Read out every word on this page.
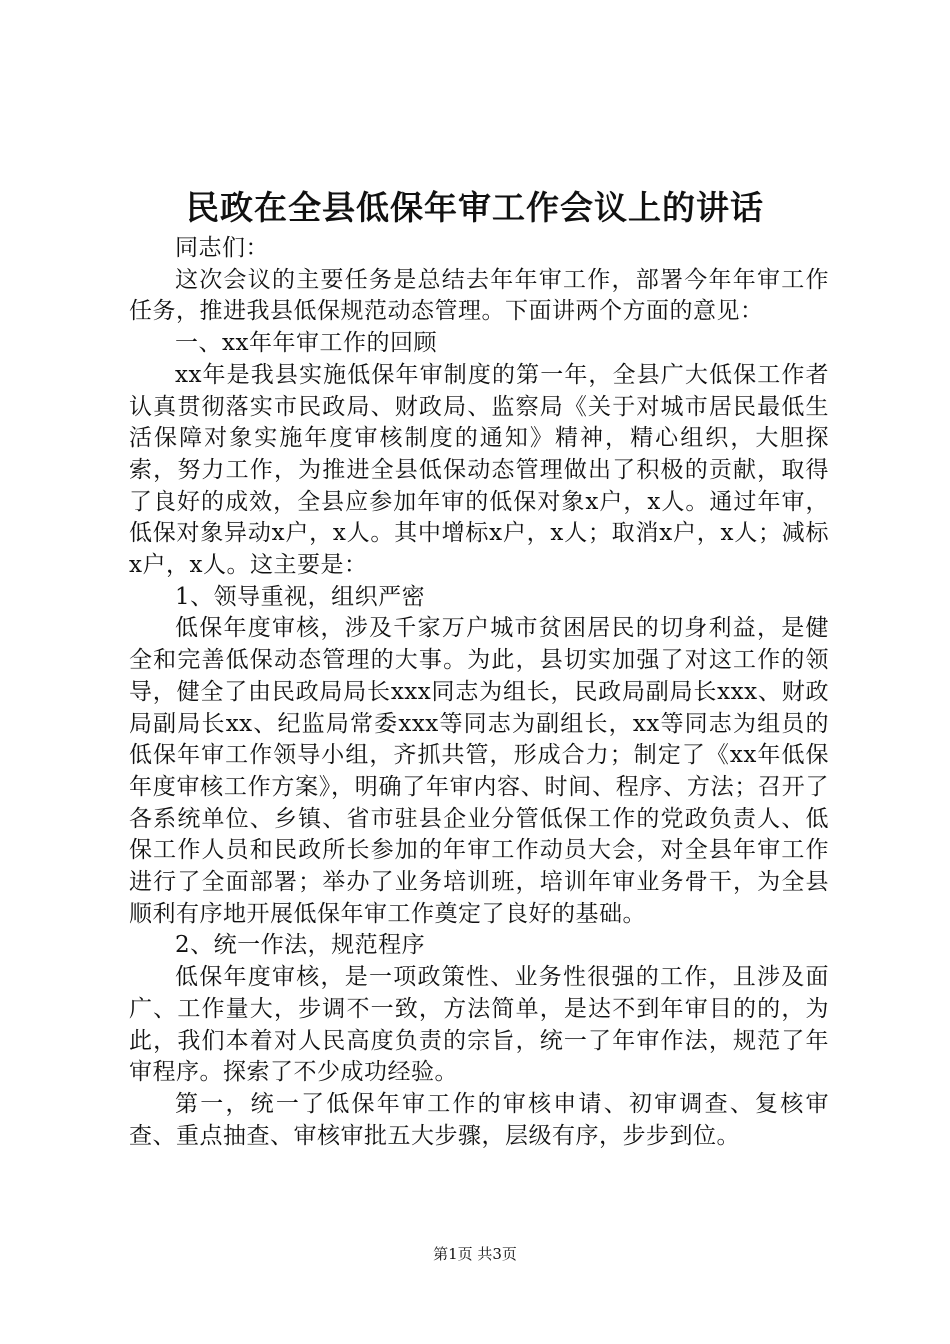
民政在全县低保年审工作会议上的讲话

同志们：

这次会议的主要任务是总结去年年审工作，部署今年年审工作任务，推进我县低保规范动态管理。下面讲两个方面的意见：

一、xx年年审工作的回顾

xx年是我县实施低保年审制度的第一年，全县广大低保工作者认真贯彻落实市民政局、财政局、监察局《关于对城市居民最低生活保障对象实施年度审核制度的通知》精神，精心组织，大胆探索，努力工作，为推进全县低保动态管理做出了积极的贡献，取得了良好的成效，全县应参加年审的低保对象x户，x人。通过年审，低保对象异动x户，x人。其中增标x户，x人；取消x户，x人；减标x户，x人。这主要是：

1、领导重视，组织严密

低保年度审核，涉及千家万户城市贫困居民的切身利益，是健全和完善低保动态管理的大事。为此，县切实加强了对这工作的领导，健全了由民政局局长xxx同志为组长，民政局副局长xxx、财政局副局长xx、纪监局常委xxx等同志为副组长，xx等同志为组员的低保年审工作领导小组，齐抓共管，形成合力；制定了《xx年低保年度审核工作方案》，明确了年审内容、时间、程序、方法；召开了各系统单位、乡镇、省市驻县企业分管低保工作的党政负责人、低保工作人员和民政所长参加的年审工作动员大会，对全县年审工作进行了全面部署；举办了业务培训班，培训年审业务骨干，为全县顺利有序地开展低保年审工作奠定了良好的基础。

2、统一作法，规范程序

低保年度审核，是一项政策性、业务性很强的工作，且涉及面广、工作量大，步调不一致，方法简单，是达不到年审目的的，为此，我们本着对人民高度负责的宗旨，统一了年审作法，规范了年审程序。探索了不少成功经验。

第一，统一了低保年审工作的审核申请、初审调查、复核审查、重点抽查、审核审批五大步骤，层级有序，步步到位。

第1页 共3页
